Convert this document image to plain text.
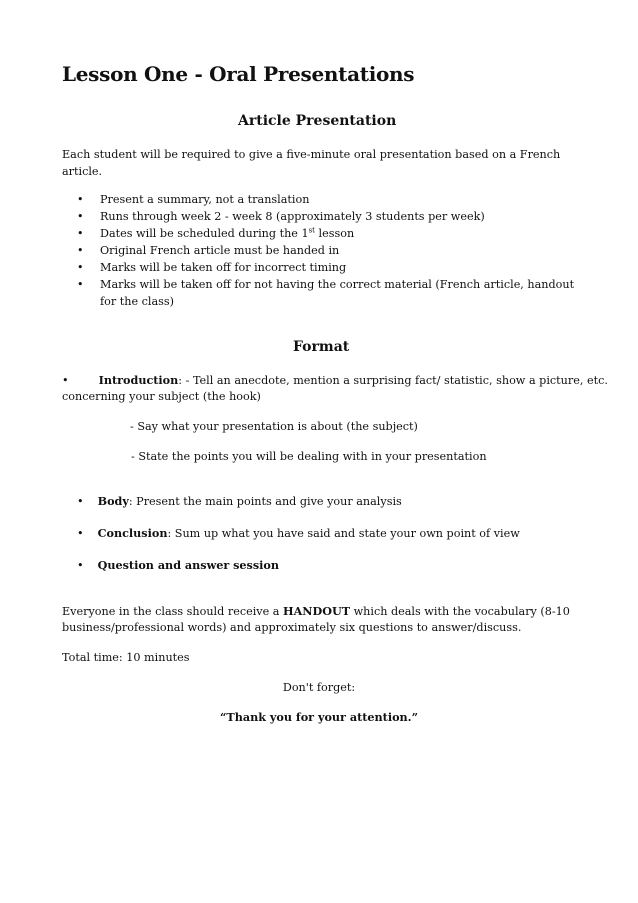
Lesson One - Oral Presentations
Article Presentation
Each student will be required to give a five-minute oral presentation based on a French article.
• Present a summary, not a translation
• Runs through week 2 - week 8 (approximately 3 students per week)
• Dates will be scheduled during the 1st lesson
• Original French article must be handed in
• Marks will be taken off for incorrect timing
• Marks will be taken off for not having the correct material (French article, handout for the class)
Format
•	Introduction: - Tell an anecdote, mention a surprising fact/ statistic, show a picture, etc.
concerning your subject (the hook)
- Say what your presentation is about (the subject)
- State the points you will be dealing with in your presentation
• Body: Present the main points and give your analysis
• Conclusion: Sum up what you have said and state your own point of view
• Question and answer session
Everyone in the class should receive a HANDOUT which deals with the vocabulary (8-10
business/professional words) and approximately six questions to answer/discuss.
Total time: 10 minutes
Don't forget:
“Thank you for your attention.”
